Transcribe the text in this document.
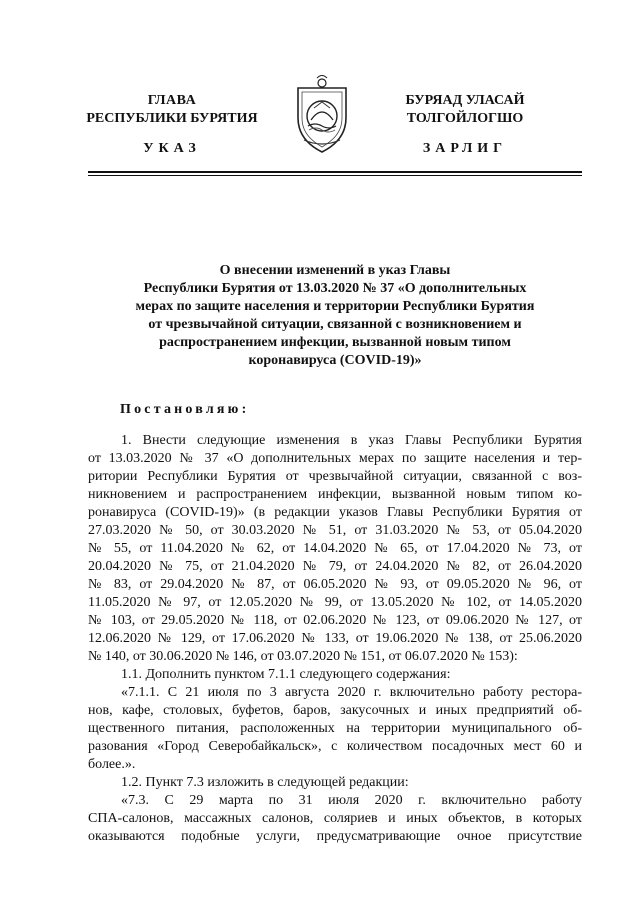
ГЛАВА
РЕСПУБЛИКИ БУРЯТИЯ
БУРЯАД УЛАСАЙ
ТОЛГОЙЛОГШО
УКАЗ	ЗАРЛИГ
О внесении изменений в указ Главы
Республики Бурятия от 13.03.2020 № 37 «О дополнительных
мерах по защите населения и территории Республики Бурятия
от чрезвычайной ситуации, связанной с возникновением и
распространением инфекции, вызванной новым типом
коронавируса (COVID-19)»
Постановляю:
1. Внести следующие изменения в указ Главы Республики Бурятия
от 13.03.2020 № 37 «О дополнительных мерах по защите населения и тер-
ритории Республики Бурятия от чрезвычайной ситуации, связанной с воз-
никновением и распространением инфекции, вызванной новым типом ко-
ронавируса (COVID-19)» (в редакции указов Главы Республики Бурятия от
27.03.2020 № 50, от 30.03.2020 № 51, от 31.03.2020 № 53, от 05.04.2020
№ 55, от 11.04.2020 № 62, от 14.04.2020 № 65, от 17.04.2020 № 73, от
20.04.2020 № 75, от 21.04.2020 № 79, от 24.04.2020 № 82, от 26.04.2020
№ 83, от 29.04.2020 № 87, от 06.05.2020 № 93, от 09.05.2020 № 96, от
11.05.2020 № 97, от 12.05.2020 № 99, от 13.05.2020 № 102, от 14.05.2020
№ 103, от 29.05.2020 № 118, от 02.06.2020 № 123, от 09.06.2020 № 127, от
12.06.2020 № 129, от 17.06.2020 № 133, от 19.06.2020 № 138, от 25.06.2020
№ 140, от 30.06.2020 № 146, от 03.07.2020 № 151, от 06.07.2020 № 153):
1.1. Дополнить пунктом 7.1.1 следующего содержания:
«7.1.1. С 21 июля по 3 августа 2020 г. включительно работу рестора-
нов, кафе, столовых, буфетов, баров, закусочных и иных предприятий об-
щественного питания, расположенных на территории муниципального об-
разования «Город Северобайкальск», с количеством посадочных мест 60 и
более.».
1.2. Пункт 7.3 изложить в следующей редакции:
«7.3. С 29 марта по 31 июля 2020 г. включительно работу
СПА-салонов, массажных салонов, соляриев и иных объектов, в которых
оказываются подобные услуги, предусматривающие очное присутствие
